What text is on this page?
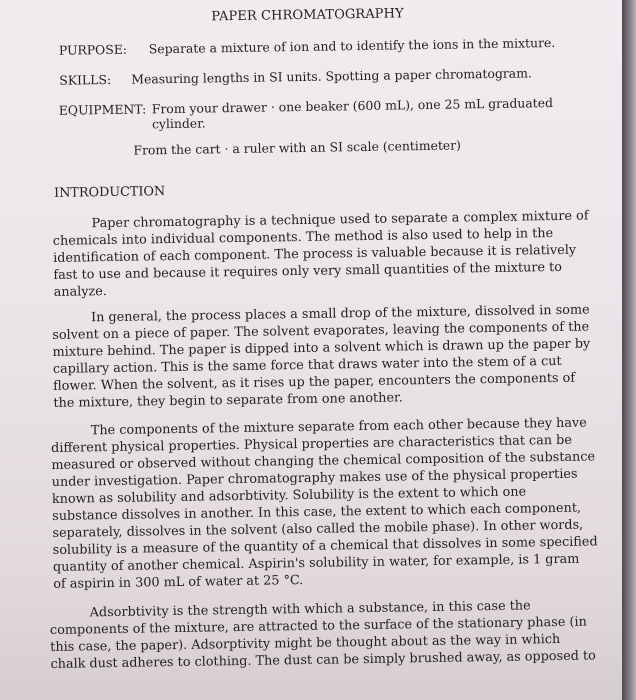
PAPER CHROMATOGRAPHY
PURPOSE: Separate a mixture of ion and to identify the ions in the mixture.
SKILLS: Measuring lengths in SI units. Spotting a paper chromatogram.
EQUIPMENT: From your drawer · one beaker (600 mL), one 25 mL graduated
cylinder.
From the cart · a ruler with an SI scale (centimeter)
INTRODUCTION
Paper chromatography is a technique used to separate a complex mixture of
chemicals into individual components. The method is also used to help in the
identification of each component. The process is valuable because it is relatively
fast to use and because it requires only very small quantities of the mixture to
analyze.
In general, the process places a small drop of the mixture, dissolved in some
solvent on a piece of paper. The solvent evaporates, leaving the components of the
mixture behind. The paper is dipped into a solvent which is drawn up the paper by
capillary action. This is the same force that draws water into the stem of a cut
flower. When the solvent, as it rises up the paper, encounters the components of
the mixture, they begin to separate from one another.
The components of the mixture separate from each other because they have
different physical properties. Physical properties are characteristics that can be
measured or observed without changing the chemical composition of the substance
under investigation. Paper chromatography makes use of the physical properties
known as solubility and adsorbtivity. Solubility is the extent to which one
substance dissolves in another. In this case, the extent to which each component,
separately, dissolves in the solvent (also called the mobile phase). In other words,
solubility is a measure of the quantity of a chemical that dissolves in some specified
quantity of another chemical. Aspirin's solubility in water, for example, is 1 gram
of aspirin in 300 mL of water at 25 °C.
Adsorbtivity is the strength with which a substance, in this case the
components of the mixture, are attracted to the surface of the stationary phase (in
this case, the paper). Adsorptivity might be thought about as the way in which
chalk dust adheres to clothing. The dust can be simply brushed away, as opposed to
